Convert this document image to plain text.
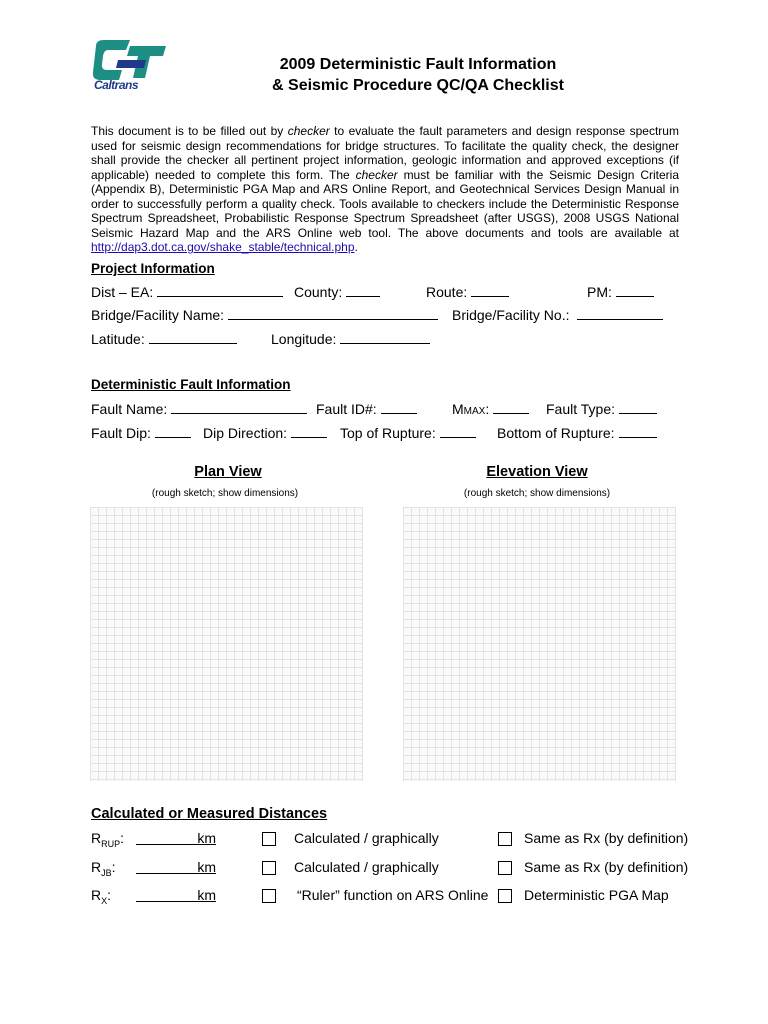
Caltrans
2009 Deterministic Fault Information
& Seismic Procedure QC/QA Checklist
This document is to be filled out by checker to evaluate the fault parameters and design response spectrum used for seismic design recommendations for bridge structures. To facilitate the quality check, the designer shall provide the checker all pertinent project information, geologic information and approved exceptions (if applicable) needed to complete this form. The checker must be familiar with the Seismic Design Criteria (Appendix B), Deterministic PGA Map and ARS Online Report, and Geotechnical Services Design Manual in order to successfully perform a quality check. Tools available to checkers include the Deterministic Response Spectrum Spreadsheet, Probabilistic Response Spectrum Spreadsheet (after USGS), 2008 USGS National Seismic Hazard Map and the ARS Online web tool. The above documents and tools are available at http://dap3.dot.ca.gov/shake_stable/technical.php.
Project Information
Dist – EA:	County:	Route:	PM:
Bridge/Facility Name:	Bridge/Facility No.:
Latitude:	Longitude:
Deterministic Fault Information
Fault Name:	Fault ID#:	MMAX:	Fault Type:
Fault Dip:	Dip Direction:	Top of Rupture:	Bottom of Rupture:
Plan View
(rough sketch; show dimensions)
Elevation View
(rough sketch; show dimensions)
Calculated or Measured Distances
$R_{RUP}$:	km	Calculated / graphically	Same as Rx (by definition)
$R_{JB}$:	km	Calculated / graphically	Same as Rx (by definition)
$R_X$:	km	“Ruler” function on ARS Online	Deterministic PGA Map
